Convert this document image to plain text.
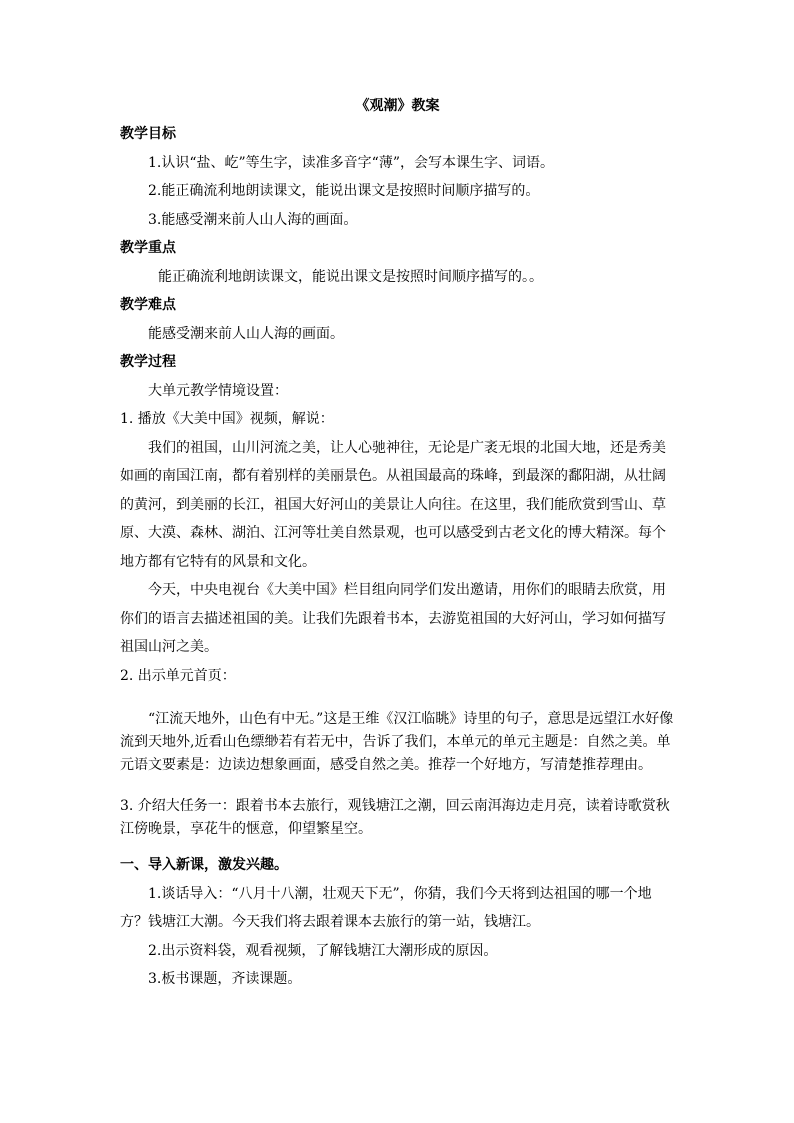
《观潮》教案

教学目标

1.认识“盐、屹”等生字，读准多音字“薄”，会写本课生字、词语。

2.能正确流利地朗读课文，能说出课文是按照时间顺序描写的。

3.能感受潮来前人山人海的画面。

教学重点

能正确流利地朗读课文，能说出课文是按照时间顺序描写的。。

教学难点

能感受潮来前人山人海的画面。

教学过程

大单元教学情境设置：

1. 播放《大美中国》视频，解说：

我们的祖国，山川河流之美，让人心驰神往，无论是广袤无垠的北国大地，还是秀美如画的南国江南，都有着别样的美丽景色。从祖国最高的珠峰，到最深的鄱阳湖，从壮阔的黄河，到美丽的长江，祖国大好河山的美景让人向往。在这里，我们能欣赏到雪山、草原、大漠、森林、湖泊、江河等壮美自然景观，也可以感受到古老文化的博大精深。每个地方都有它特有的风景和文化。

今天，中央电视台《大美中国》栏目组向同学们发出邀请，用你们的眼睛去欣赏，用你们的语言去描述祖国的美。让我们先跟着书本，去游览祖国的大好河山，学习如何描写祖国山河之美。

2. 出示单元首页：

“江流天地外，山色有中无。”这是王维《汉江临眺》诗里的句子，意思是远望江水好像流到天地外,近看山色缥缈若有若无中，告诉了我们，本单元的单元主题是：自然之美。单元语文要素是：边读边想象画面，感受自然之美。推荐一个好地方，写清楚推荐理由。

3. 介绍大任务一：跟着书本去旅行，观钱塘江之潮，回云南洱海边走月亮，读着诗歌赏秋江傍晚景，享花牛的惬意，仰望繁星空。

一、导入新课，激发兴趣。

1.谈话导入：“八月十八潮，壮观天下无”，你猜，我们今天将到达祖国的哪一个地方？钱塘江大潮。今天我们将去跟着课本去旅行的第一站，钱塘江。

2.出示资料袋，观看视频，了解钱塘江大潮形成的原因。

3.板书课题，齐读课题。
